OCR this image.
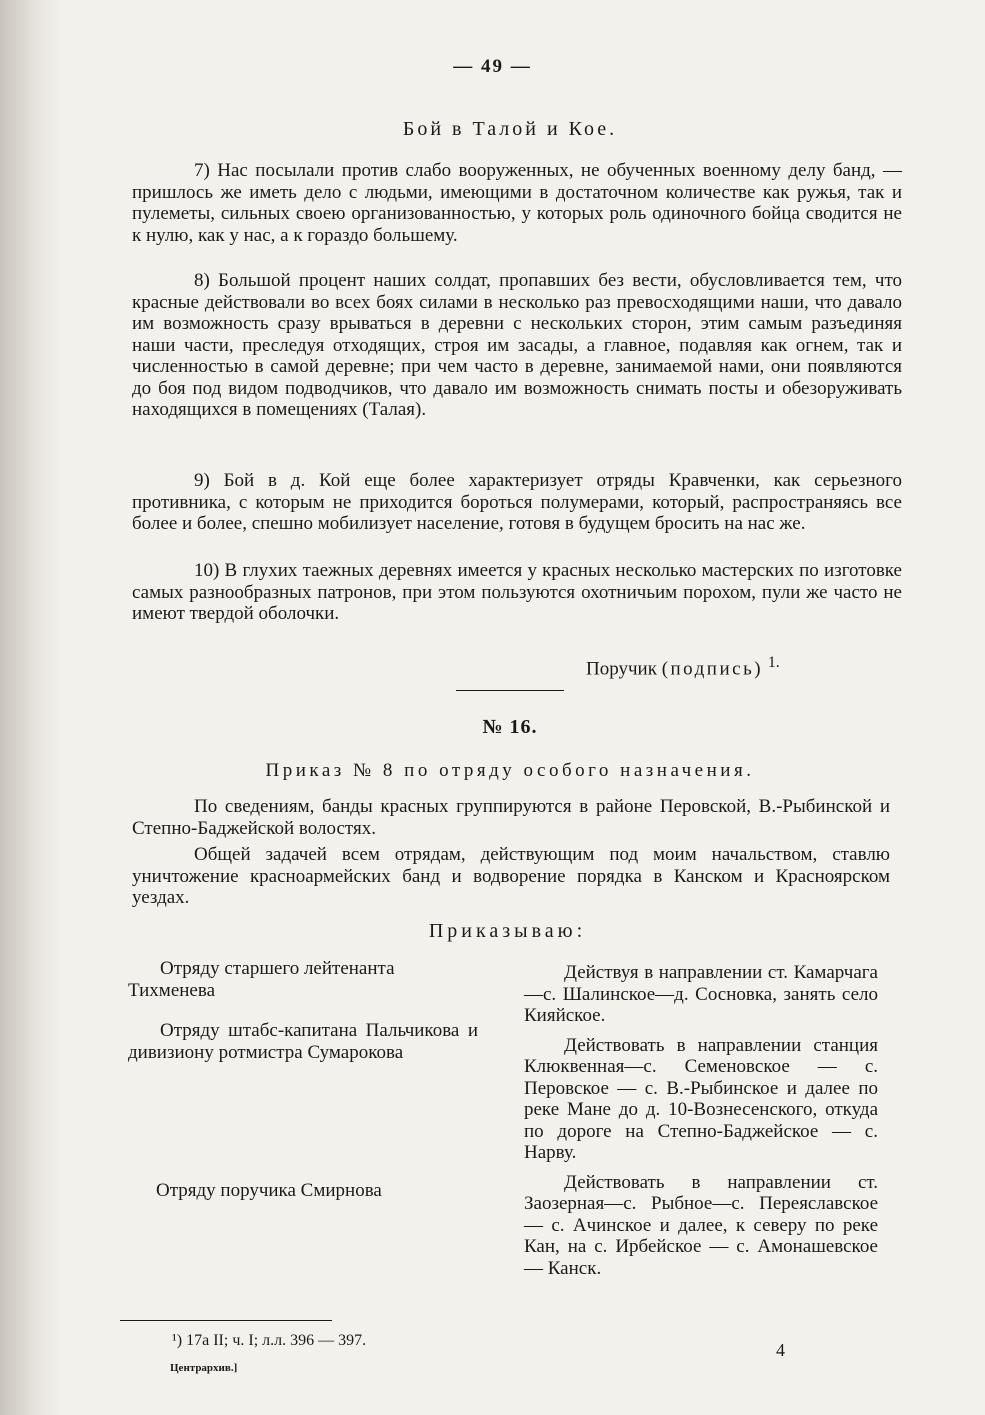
— 49 —
Бой в Талой и Кое.
7) Нас посылали против слабо вооруженных, не обученных военному делу банд, — пришлось же иметь дело с людьми, имеющими в достаточном количестве как ружья, так и пулеметы, сильных своею организованностью, у которых роль одиночного бойца сводится не к нулю, как у нас, а к гораздо большему.
8) Большой процент наших солдат, пропавших без вести, обусловливается тем, что красные действовали во всех боях силами в несколько раз превосходящими наши, что давало им возможность сразу врываться в деревни с нескольких сторон, этим самым разъединяя наши части, преследуя отходящих, строя им засады, а главное, подавляя как огнем, так и численностью в самой деревне; при чем часто в деревне, занимаемой нами, они появляются до боя под видом подводчиков, что давало им возможность снимать посты и обезоруживать находящихся в помещениях (Талая).
9) Бой в д. Кой еще более характеризует отряды Кравченки, как серьезного противника, с которым не приходится бороться полумерами, который, распространяясь все более и более, спешно мобилизует население, готовя в будущем бросить на нас же.
10) В глухих таежных деревнях имеется у красных несколько мастерских по изготовке самых разнообразных патронов, при этом пользуются охотничьим порохом, пули же часто не имеют твердой оболочки.
Поручик (подпись) $^{1.}$
№ 16.
Приказ № 8 по отряду особого назначения.
По сведениям, банды красных группируются в районе Перовской, В.-Рыбинской и Степно-Баджейской волостях.
Общей задачей всем отрядам, действующим под моим начальством, ставлю уничтожение красноармейских банд и водворение порядка в Канском и Красноярском уездах.
Приказываю:
Отряду старшего лейтенанта Тихменева
Отряду штабс-капитана Пальчикова и дивизиону ротмистра Сумарокова
Отряду поручика Смирнова

Действуя в направлении ст. Камарчага—с. Шалинское—д. Сосновка, занять село Кияйское.

Действовать в направлении станция Клюквенная—с. Семеновское — с. Перовское — с. В.-Рыбинское и далее по реке Мане до д. 10-Вознесенского, откуда по дороге на Степно-Баджейское — с. Нарву.

Действовать в направлении ст. Заозерная—с. Рыбное—с. Переяславское — с. Ачинское и далее, к северу по реке Кан, на с. Ирбейское — с. Амонашевское — Канск.

¹) 17а II; ч. I; л.л. 396 — 397.
Центрархив.]
4
